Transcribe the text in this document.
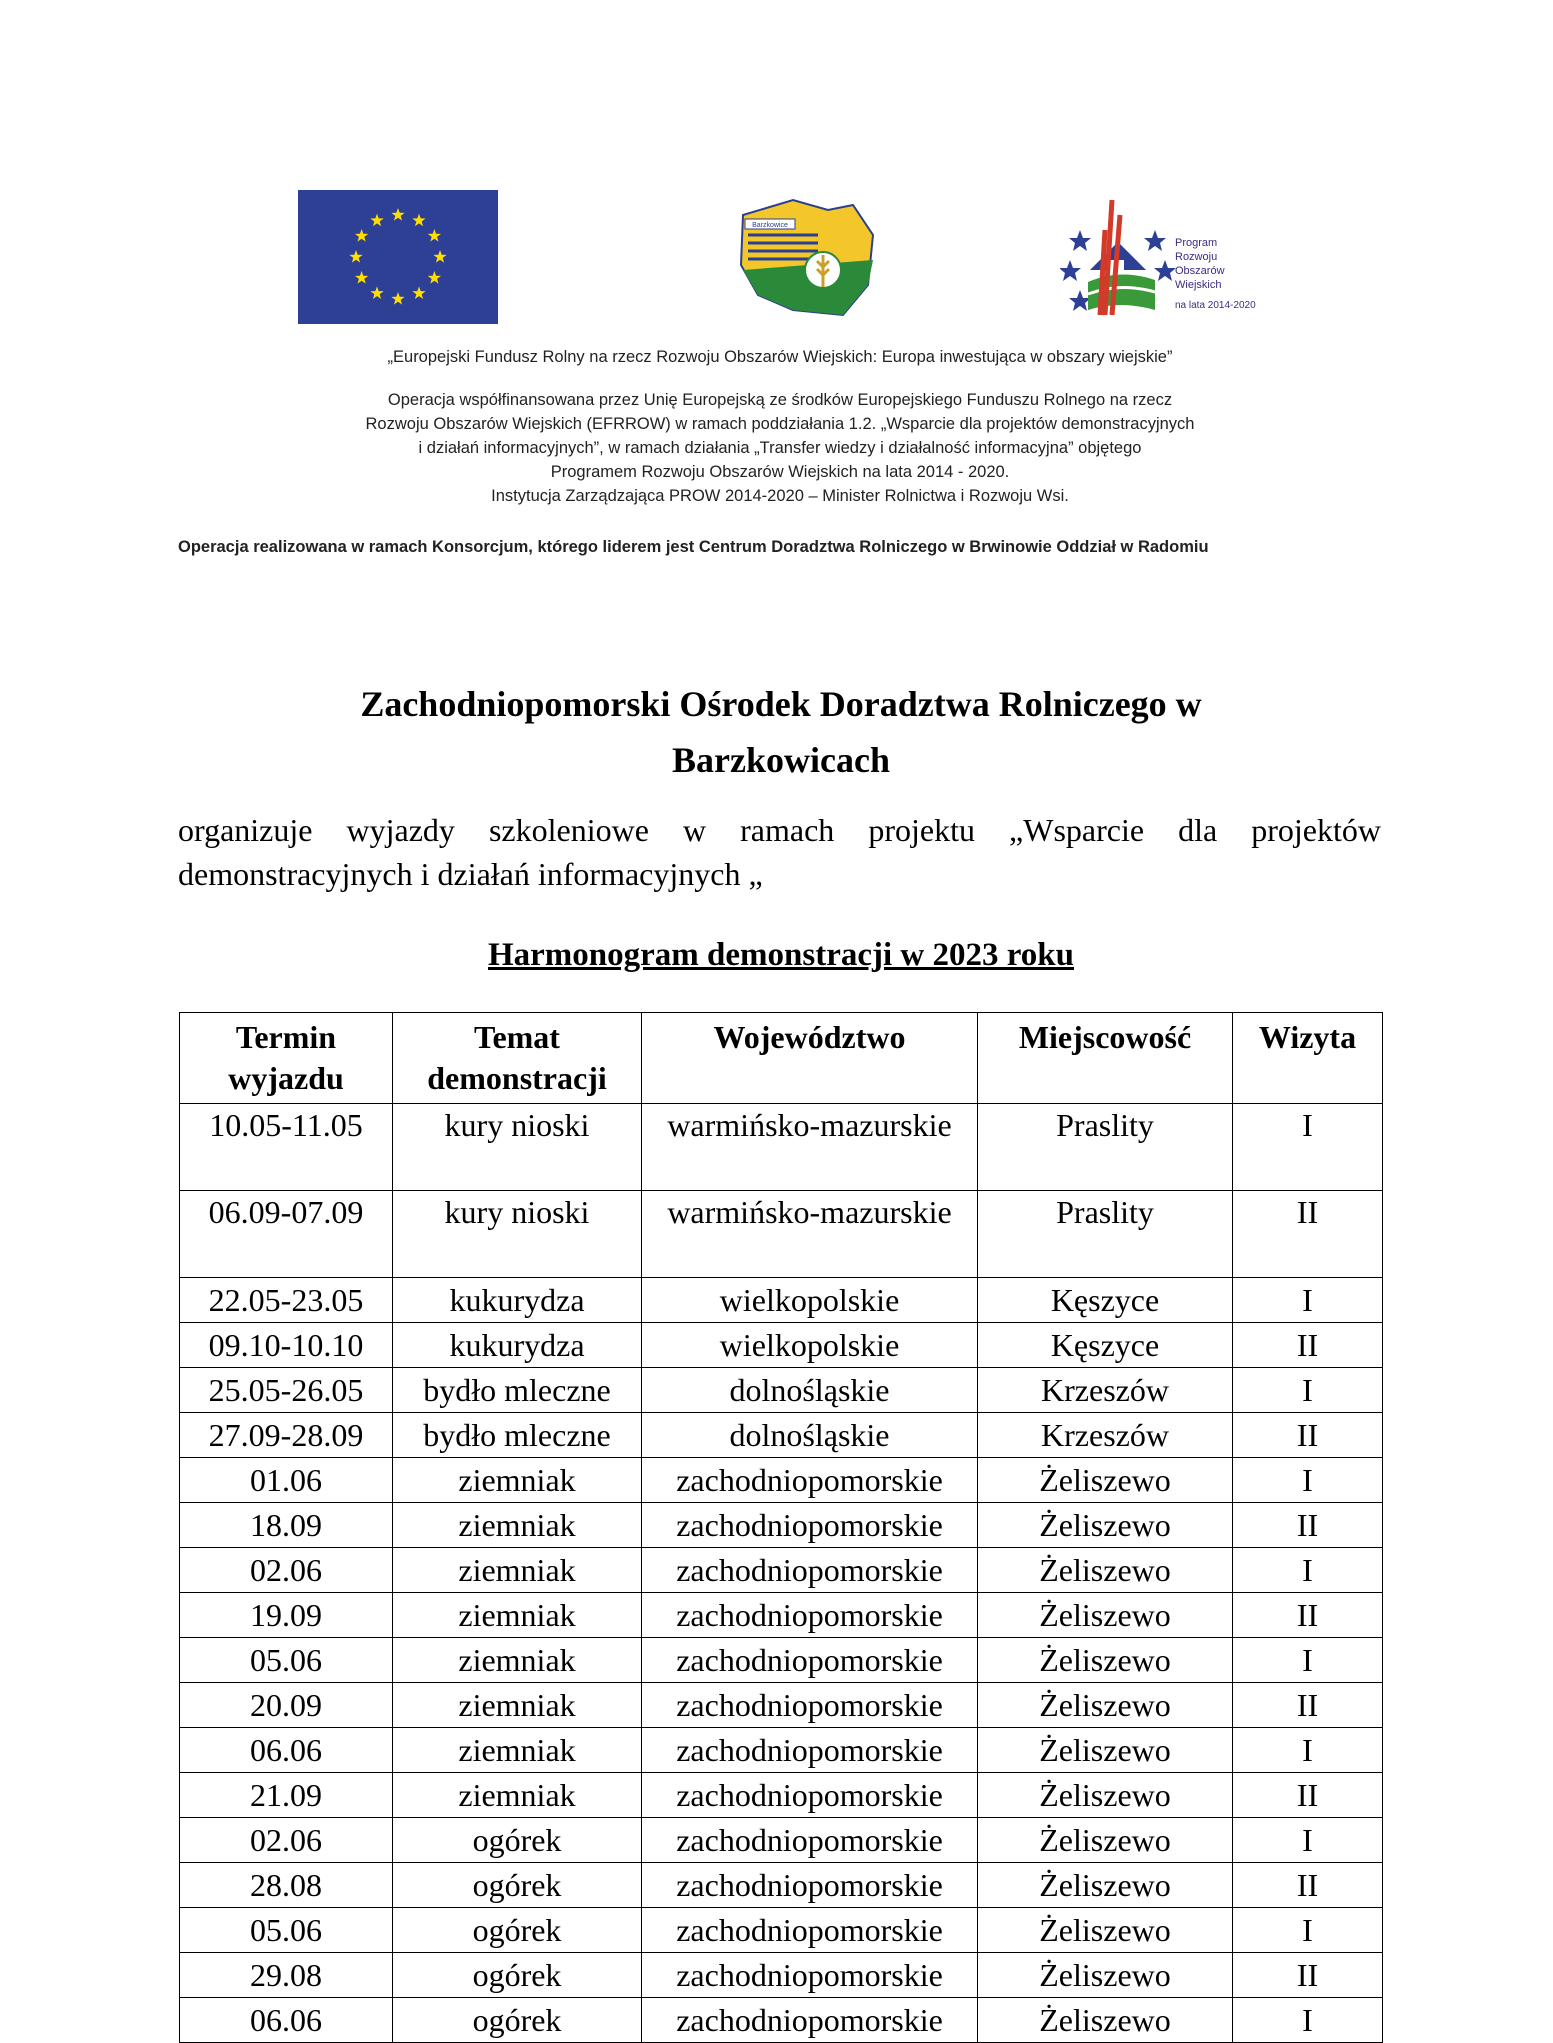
Barzkowice
Program
Rozwoju
Obszarów
Wiejskich
na lata 2014-2020
„Europejski Fundusz Rolny na rzecz Rozwoju Obszarów Wiejskich: Europa inwestująca w obszary wiejskie”
Operacja współfinansowana przez Unię Europejską ze środków Europejskiego Funduszu Rolnego na rzecz
Rozwoju Obszarów Wiejskich (EFRROW) w ramach poddziałania 1.2. „Wsparcie dla projektów demonstracyjnych
i działań informacyjnych”, w ramach działania „Transfer wiedzy i działalność informacyjna” objętego
Programem Rozwoju Obszarów Wiejskich na lata 2014 - 2020.
Instytucja Zarządzająca PROW 2014-2020 – Minister Rolnictwa i Rozwoju Wsi.
Operacja realizowana w ramach Konsorcjum, którego liderem jest Centrum Doradztwa Rolniczego w Brwinowie Oddział w Radomiu
Zachodniopomorski Ośrodek Doradztwa Rolniczego w
Barzkowicach
organizuje wyjazdy szkoleniowe w ramach projektu „Wsparcie dla projektów demonstracyjnych i działań informacyjnych „
Harmonogram demonstracji w 2023 roku
Termin wyjazdu	Temat demonstracji	Województwo	Miejscowość	Wizyta
10.05-11.05	kury nioski	warmińsko-mazurskie	Praslity	I
06.09-07.09	kury nioski	warmińsko-mazurskie	Praslity	II
22.05-23.05	kukurydza	wielkopolskie	Kęszyce	I
09.10-10.10	kukurydza	wielkopolskie	Kęszyce	II
25.05-26.05	bydło mleczne	dolnośląskie	Krzeszów	I
27.09-28.09	bydło mleczne	dolnośląskie	Krzeszów	II
01.06	ziemniak	zachodniopomorskie	Żeliszewo	I
18.09	ziemniak	zachodniopomorskie	Żeliszewo	II
02.06	ziemniak	zachodniopomorskie	Żeliszewo	I
19.09	ziemniak	zachodniopomorskie	Żeliszewo	II
05.06	ziemniak	zachodniopomorskie	Żeliszewo	I
20.09	ziemniak	zachodniopomorskie	Żeliszewo	II
06.06	ziemniak	zachodniopomorskie	Żeliszewo	I
21.09	ziemniak	zachodniopomorskie	Żeliszewo	II
02.06	ogórek	zachodniopomorskie	Żeliszewo	I
28.08	ogórek	zachodniopomorskie	Żeliszewo	II
05.06	ogórek	zachodniopomorskie	Żeliszewo	I
29.08	ogórek	zachodniopomorskie	Żeliszewo	II
06.06	ogórek	zachodniopomorskie	Żeliszewo	I
